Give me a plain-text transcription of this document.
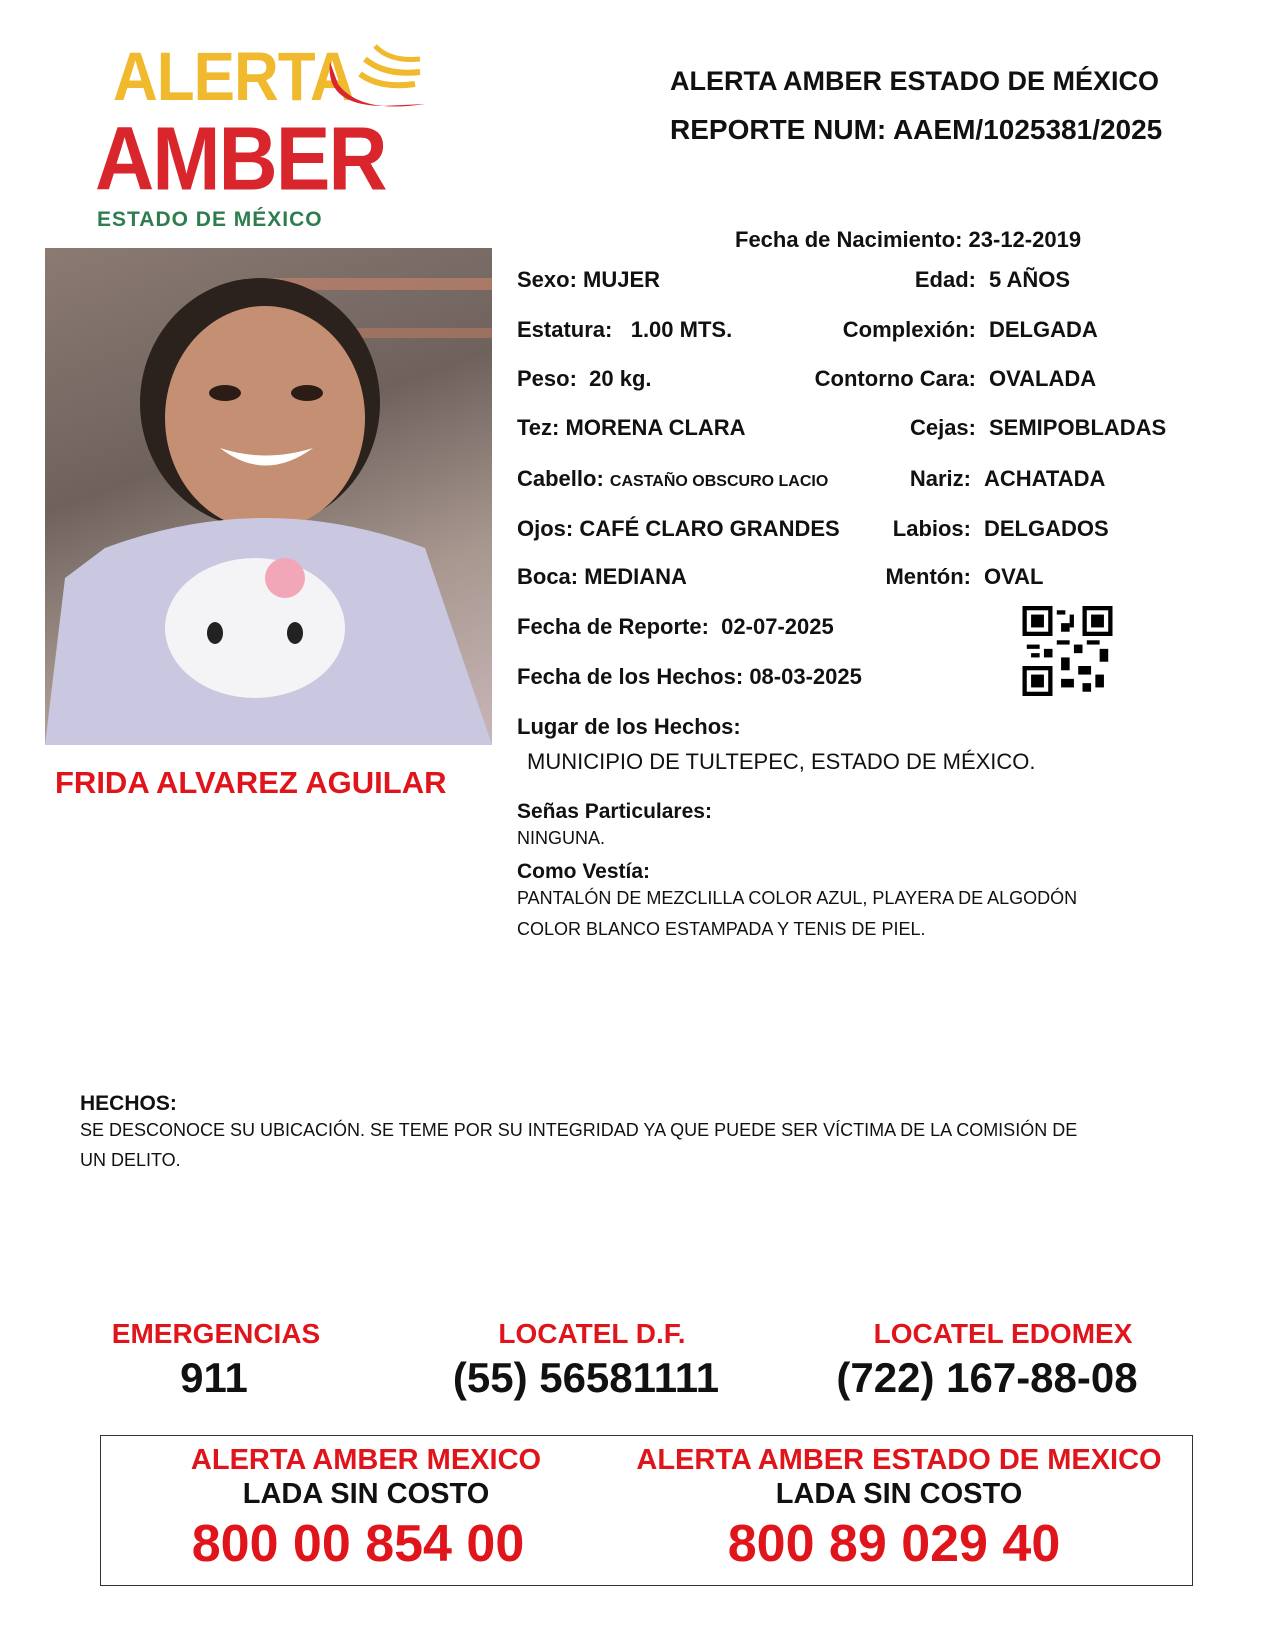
ALERTA
AMBER
ESTADO DE MÉXICO
ALERTA AMBER ESTADO DE MÉXICO
REPORTE NUM: AAEM/1025381/2025
FRIDA ALVAREZ AGUILAR
Fecha de Nacimiento: 23-12-2019
Sexo: MUJER	Edad: 5 AÑOS
Estatura: 1.00 MTS.	Complexión: DELGADA
Peso: 20 kg.	Contorno Cara: OVALADA
Tez: MORENA CLARA	Cejas: SEMIPOBLADAS
Cabello: CASTAÑO OBSCURO LACIO	Nariz: ACHATADA
Ojos: CAFÉ CLARO GRANDES Labios: DELGADOS
Boca: MEDIANA	Mentón: OVAL
Fecha de Reporte: 02-07-2025
Fecha de los Hechos: 08-03-2025
Lugar de los Hechos:
MUNICIPIO DE TULTEPEC, ESTADO DE MÉXICO.
Señas Particulares:
NINGUNA.
Como Vestía:
PANTALÓN DE MEZCLILLA COLOR AZUL, PLAYERA DE ALGODÓN
COLOR BLANCO ESTAMPADA Y TENIS DE PIEL.
HECHOS:
SE DESCONOCE SU UBICACIÓN. SE TEME POR SU INTEGRIDAD YA QUE PUEDE SER VÍCTIMA DE LA COMISIÓN DE
UN DELITO.
EMERGENCIAS
911
LOCATEL D.F.
(55) 56581111
LOCATEL EDOMEX
(722) 167-88-08
ALERTA AMBER MEXICO
LADA SIN COSTO
800 00 854 00
ALERTA AMBER ESTADO DE MEXICO
LADA SIN COSTO
800 89 029 40
